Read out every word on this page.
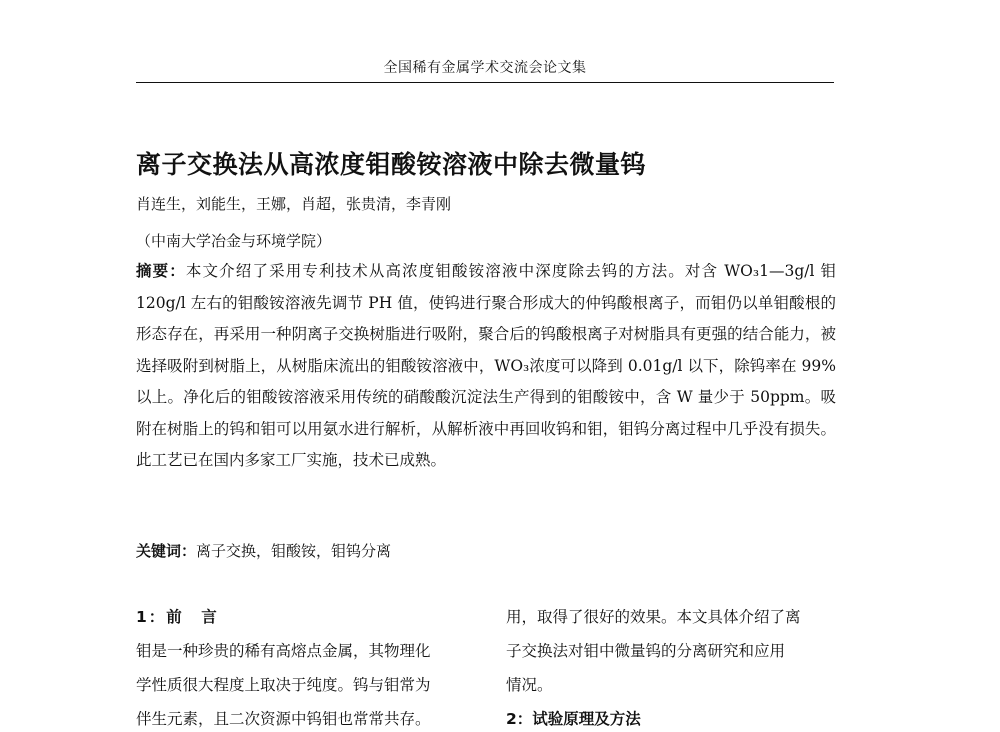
全国稀有金属学术交流会论文集
离子交换法从高浓度钼酸铵溶液中除去微量钨
肖连生，刘能生，王娜，肖超，张贵清，李青刚
（中南大学冶金与环境学院）
摘要：本文介绍了采用专利技术从高浓度钼酸铵溶液中深度除去钨的方法。对含 WO₃1—3g/l 钼 120g/l 左右的钼酸铵溶液先调节 PH 值，使钨进行聚合形成大的仲钨酸根离子，而钼仍以单钼酸根的形态存在，再采用一种阴离子交换树脂进行吸附，聚合后的钨酸根离子对树脂具有更强的结合能力，被选择吸附到树脂上，从树脂床流出的钼酸铵溶液中，WO₃浓度可以降到 0.01g/l 以下，除钨率在 99%以上。净化后的钼酸铵溶液采用传统的硝酸酸沉淀法生产得到的钼酸铵中，含 W 量少于 50ppm。吸附在树脂上的钨和钼可以用氨水进行解析，从解析液中再回收钨和钼，钼钨分离过程中几乎没有损失。此工艺已在国内多家工厂实施，技术已成熟。
关键词：离子交换，钼酸铵，钼钨分离
1：前　言
钼是一种珍贵的稀有高熔点金属，其物理化
学性质很大程度上取决于纯度。钨与钼常为
伴生元素，且二次资源中钨钼也常常共存。
用，取得了很好的效果。本文具体介绍了离
子交换法对钼中微量钨的分离研究和应用
情况。
2：试验原理及方法
